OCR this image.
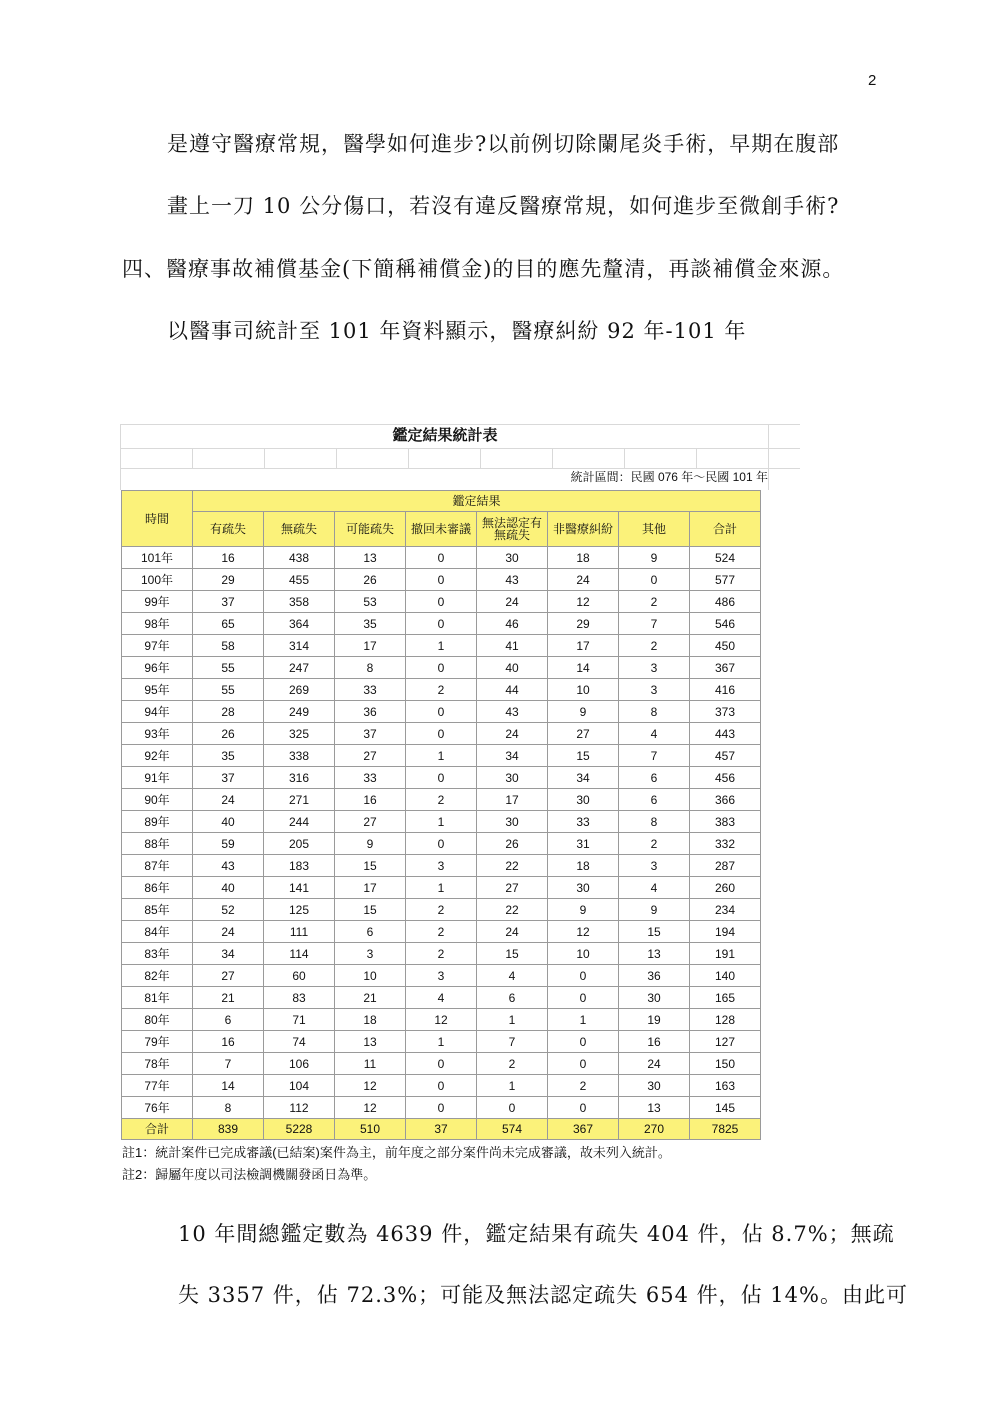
2
是遵守醫療常規，醫學如何進步?以前例切除闌尾炎手術，早期在腹部
畫上一刀 10 公分傷口，若沒有違反醫療常規，如何進步至微創手術?
四、醫療事故補償基金(下簡稱補償金)的目的應先釐清，再談補償金來源。
以醫事司統計至 101 年資料顯示，醫療糾紛 92 年-101 年
鑑定結果統計表
統計區間：民國 076 年～民國 101 年
時間	鑑定結果							
	有疏失	無疏失	可能疏失	撤回未審議	無法認定有無疏失	非醫療糾紛	其他	合計
101年	16	438	13	0	30	18	9	524
100年	29	455	26	0	43	24	0	577
99年	37	358	53	0	24	12	2	486
98年	65	364	35	0	46	29	7	546
97年	58	314	17	1	41	17	2	450
96年	55	247	8	0	40	14	3	367
95年	55	269	33	2	44	10	3	416
94年	28	249	36	0	43	9	8	373
93年	26	325	37	0	24	27	4	443
92年	35	338	27	1	34	15	7	457
91年	37	316	33	0	30	34	6	456
90年	24	271	16	2	17	30	6	366
89年	40	244	27	1	30	33	8	383
88年	59	205	9	0	26	31	2	332
87年	43	183	15	3	22	18	3	287
86年	40	141	17	1	27	30	4	260
85年	52	125	15	2	22	9	9	234
84年	24	111	6	2	24	12	15	194
83年	34	114	3	2	15	10	13	191
82年	27	60	10	3	4	0	36	140
81年	21	83	21	4	6	0	30	165
80年	6	71	18	12	1	1	19	128
79年	16	74	13	1	7	0	16	127
78年	7	106	11	0	2	0	24	150
77年	14	104	12	0	1	2	30	163
76年	8	112	12	0	0	0	13	145
合計	839	5228	510	37	574	367	270	7825
註1：統計案件已完成審議(已結案)案件為主，前年度之部分案件尚未完成審議，故未列入統計。
註2：歸屬年度以司法檢調機關發函日為準。
10 年間總鑑定數為 4639 件，鑑定結果有疏失 404 件，佔 8.7%；無疏
失 3357 件，佔 72.3%；可能及無法認定疏失 654 件，佔 14%。由此可
